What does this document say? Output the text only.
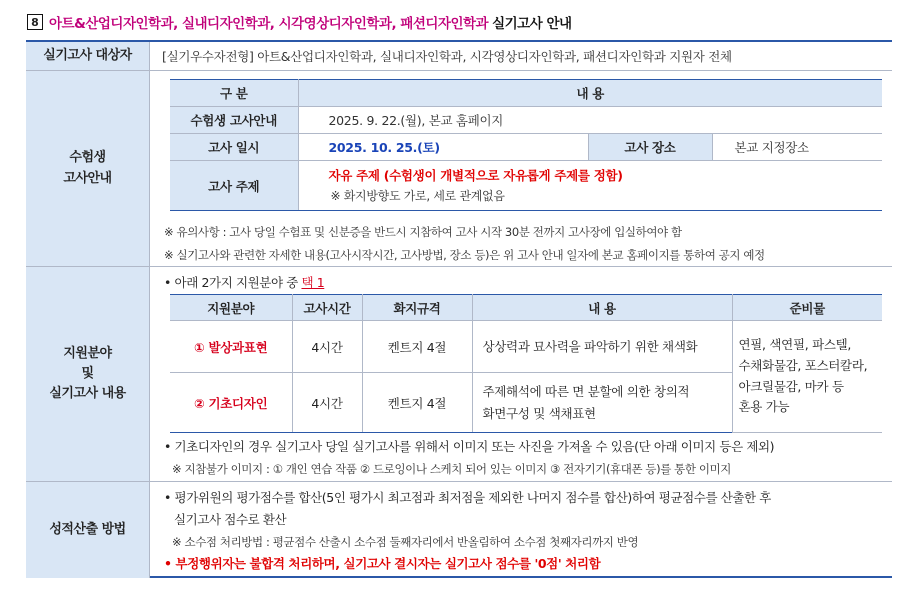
8 아트&산업디자인학과, 실내디자인학과, 시각영상디자인학과, 패션디자인학과 실기고사 안내
실기고사 대상자	[실기우수자전형] 아트&산업디자인학과, 실내디자인학과, 시각영상디자인학과, 패션디자인학과 지원자 전체
수험생
고사안내
구 분	내 용		
수험생 고사안내	2025. 9. 22.(월), 본교 홈페이지		
고사 일시	2025. 10. 25.(토)	고사 장소	본교 지정장소
고사 주제	자유 주제 (수험생이 개별적으로 자유롭게 주제를 정함)
※ 화지방향도 가로, 세로 관계없음		
※ 유의사항 : 고사 당일 수험표 및 신분증을 반드시 지참하여 고사 시작 30분 전까지 고사장에 입실하여야 함
※ 실기고사와 관련한 자세한 내용(고사시작시간, 고사방법, 장소 등)은 위 고사 안내 일자에 본교 홈페이지를 통하여 공지 예정
지원분야
및
실기고사 내용
• 아래 2가지 지원분야 중 택 1
지원분야	고사시간	화지규격	내 용	준비물
① 발상과표현	4시간	켄트지 4절	상상력과 묘사력을 파악하기 위한 채색화	연필, 색연필, 파스텔,
수채화물감, 포스터칼라,
아크릴물감, 마카 등
혼용 가능

② 기초디자인	4시간	켄트지 4절	주제해석에 따른 면 분할에 의한 창의적
화면구성 및 색채표현	
• 기초디자인의 경우 실기고사 당일 실기고사를 위해서 이미지 또는 사진을 가져올 수 있음(단 아래 이미지 등은 제외)
※ 지참불가 이미지 : ① 개인 연습 작품 ② 드로잉이나 스케치 되어 있는 이미지 ③ 전자기기(휴대폰 등)를 통한 이미지
성적산출 방법
• 평가위원의 평가점수를 합산(5인 평가시 최고점과 최저점을 제외한 나머지 점수를 합산)하여 평균점수를 산출한 후
실기고사 점수로 환산
※ 소수점 처리방법 : 평균점수 산출시 소수점 둘째자리에서 반올림하여 소수점 첫째자리까지 반영
• 부정행위자는 불합격 처리하며, 실기고사 결시자는 실기고사 점수를 '0점' 처리함
